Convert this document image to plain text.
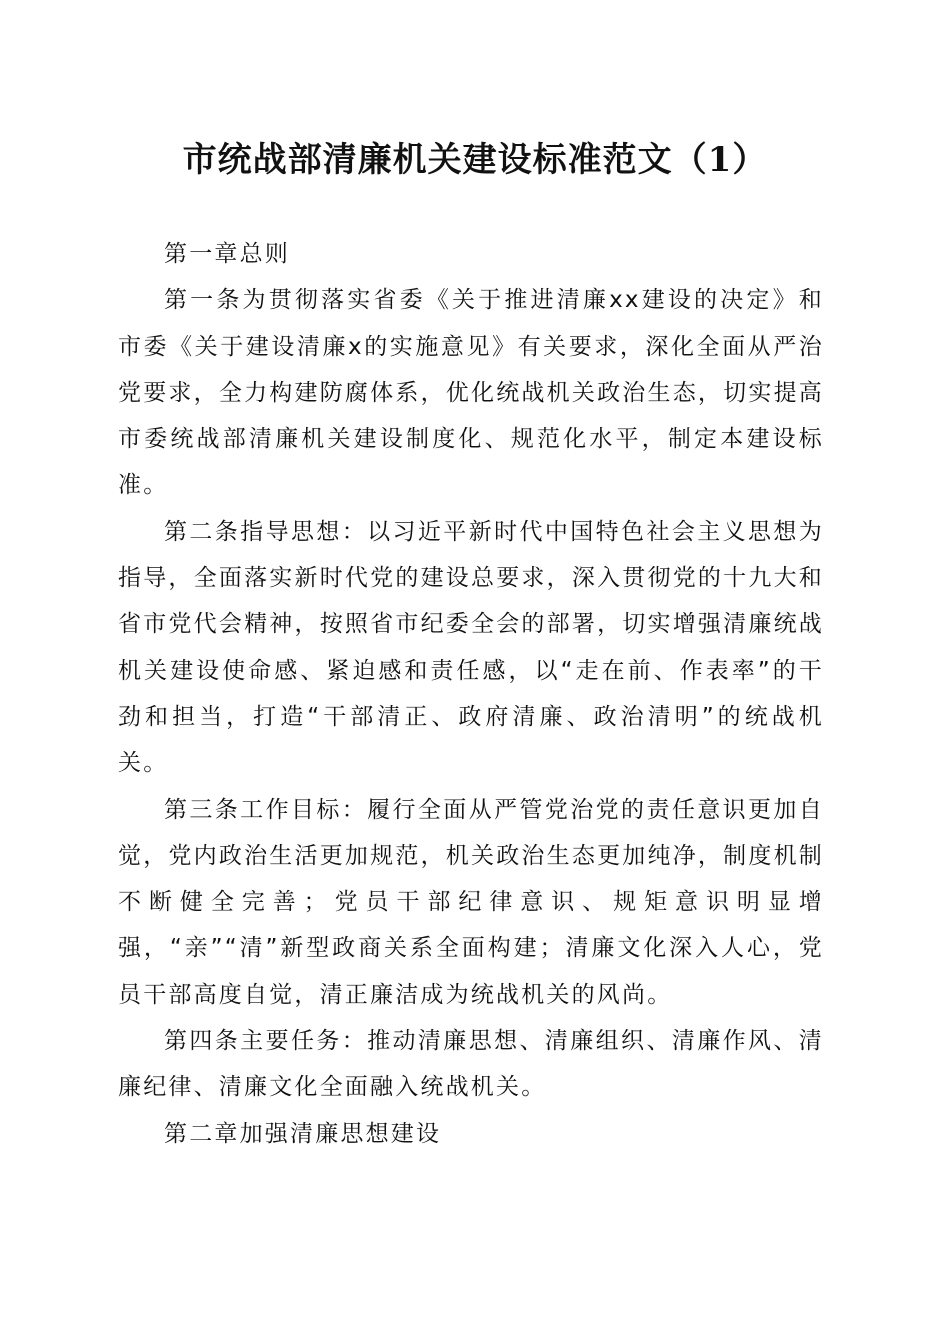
市统战部清廉机关建设标准范文（1）

第一章总则

第一条为贯彻落实省委《关于推进清廉xx建设的决定》和市委《关于建设清廉x的实施意见》有关要求，深化全面从严治党要求，全力构建防腐体系，优化统战机关政治生态，切实提高市委统战部清廉机关建设制度化、规范化水平，制定本建设标准。

第二条指导思想：以习近平新时代中国特色社会主义思想为指导，全面落实新时代党的建设总要求，深入贯彻党的十九大和省市党代会精神，按照省市纪委全会的部署，切实增强清廉统战机关建设使命感、紧迫感和责任感，以“走在前、作表率”的干劲和担当，打造“干部清正、政府清廉、政治清明”的统战机关。

第三条工作目标：履行全面从严管党治党的责任意识更加自觉，党内政治生活更加规范，机关政治生态更加纯净，制度机制不断健全完善；党员干部纪律意识、规矩意识明显增强，“亲”“清”新型政商关系全面构建；清廉文化深入人心，党员干部高度自觉，清正廉洁成为统战机关的风尚。

第四条主要任务：推动清廉思想、清廉组织、清廉作风、清廉纪律、清廉文化全面融入统战机关。

第二章加强清廉思想建设
